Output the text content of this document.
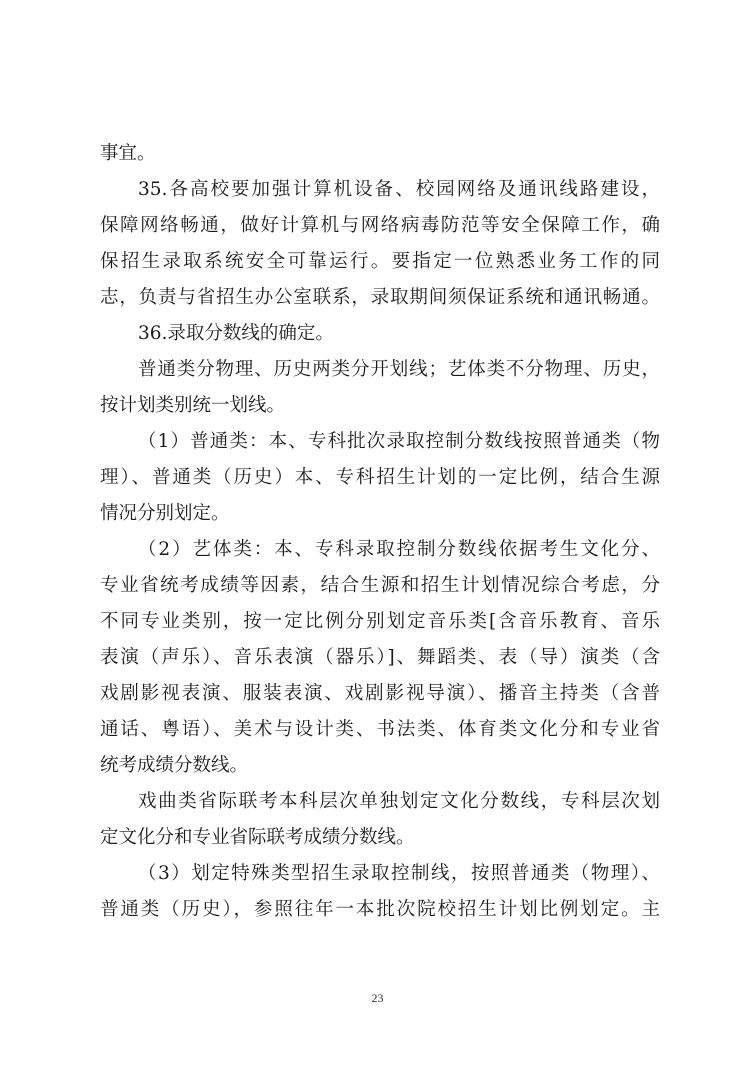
事宜。
35.各高校要加强计算机设备、校园网络及通讯线路建设，
保障网络畅通，做好计算机与网络病毒防范等安全保障工作，确
保招生录取系统安全可靠运行。要指定一位熟悉业务工作的同
志，负责与省招生办公室联系，录取期间须保证系统和通讯畅通。
36.录取分数线的确定。
普通类分物理、历史两类分开划线；艺体类不分物理、历史，
按计划类别统一划线。
（1）普通类：本、专科批次录取控制分数线按照普通类（物
理）、普通类（历史）本、专科招生计划的一定比例，结合生源
情况分别划定。
（2）艺体类：本、专科录取控制分数线依据考生文化分、
专业省统考成绩等因素，结合生源和招生计划情况综合考虑，分
不同专业类别，按一定比例分别划定音乐类[含音乐教育、音乐
表演（声乐）、音乐表演（器乐）]、舞蹈类、表（导）演类（含
戏剧影视表演、服装表演、戏剧影视导演）、播音主持类（含普
通话、粤语）、美术与设计类、书法类、体育类文化分和专业省
统考成绩分数线。
戏曲类省际联考本科层次单独划定文化分数线，专科层次划
定文化分和专业省际联考成绩分数线。
（3）划定特殊类型招生录取控制线，按照普通类（物理）、
普通类（历史），参照往年一本批次院校招生计划比例划定。主
23
